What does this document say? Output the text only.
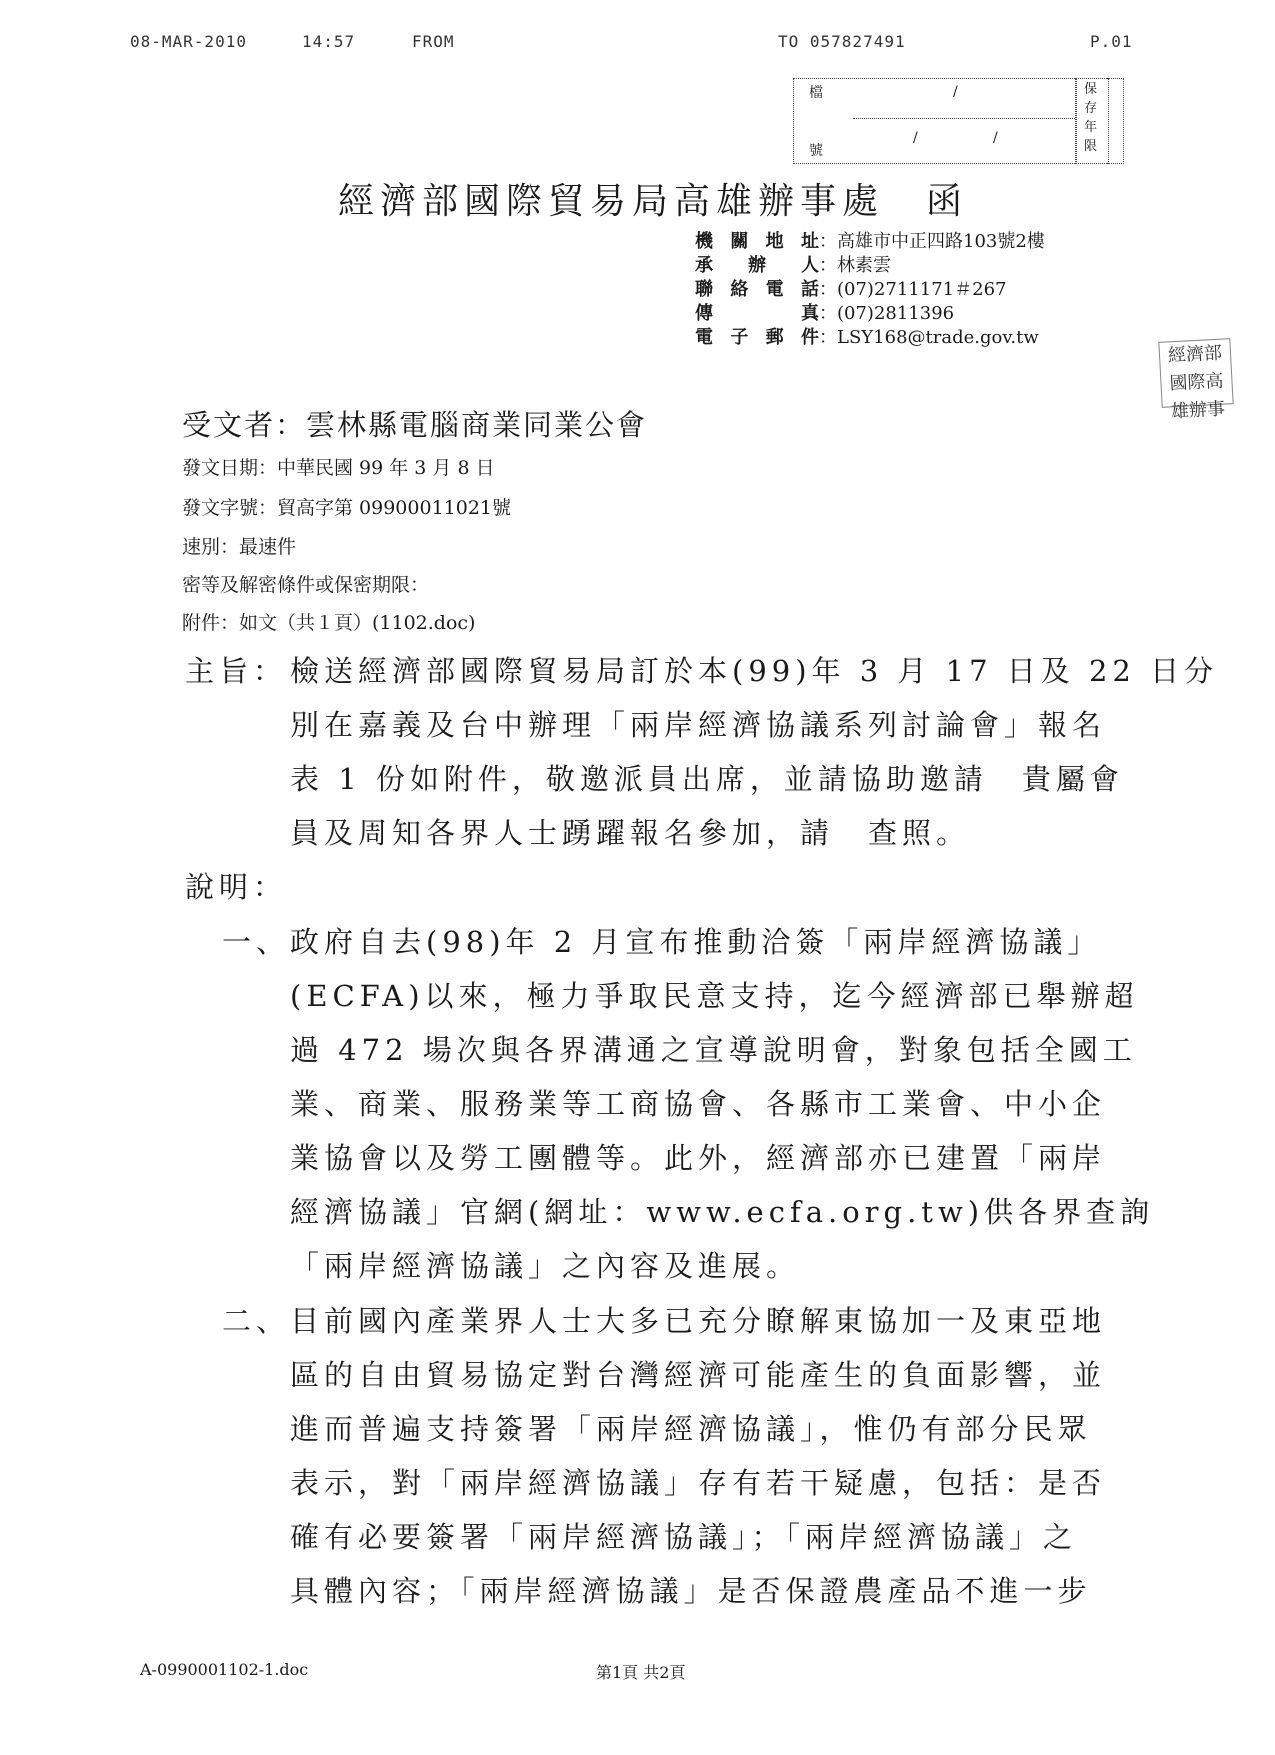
08-MAR-2010	14:57	FROM	TO 057827491	P.01
檔
號
/
/	/
保存年限
經濟部國際貿易局高雄辦事處　函
機關地址：高雄市中正四路103號2樓
承辦人：林素雲
聯絡電話：(07)2711171＃267
傳真：(07)2811396
電子郵件：LSY168@trade.gov.tw
經濟部國際高雄辦事
受文者：雲林縣電腦商業同業公會
發文日期：中華民國 99 年 3 月 8 日
發文字號：貿高字第 09900011021號
速別：最速件
密等及解密條件或保密期限：
附件：如文（共１頁）(1102.doc)
主旨： 檢送經濟部國際貿易局訂於本(99)年 3 月 17 日及 22 日分
別在嘉義及台中辦理「兩岸經濟協議系列討論會」報名
表 1 份如附件，敬邀派員出席，並請協助邀請　貴屬會
員及周知各界人士踴躍報名參加，請　查照。
說明：
一、 政府自去(98)年 2 月宣布推動洽簽「兩岸經濟協議」
(ECFA)以來，極力爭取民意支持，迄今經濟部已舉辦超
過 472 場次與各界溝通之宣導說明會，對象包括全國工
業、商業、服務業等工商協會、各縣市工業會、中小企
業協會以及勞工團體等。此外，經濟部亦已建置「兩岸
經濟協議」官網(網址：www.ecfa.org.tw)供各界查詢
「兩岸經濟協議」之內容及進展。
二、 目前國內產業界人士大多已充分瞭解東協加一及東亞地
區的自由貿易協定對台灣經濟可能產生的負面影響，並
進而普遍支持簽署「兩岸經濟協議」，惟仍有部分民眾
表示，對「兩岸經濟協議」存有若干疑慮，包括：是否
確有必要簽署「兩岸經濟協議」；「兩岸經濟協議」之
具體內容；「兩岸經濟協議」是否保證農產品不進一步
A-0990001102-1.doc	第1頁 共2頁
